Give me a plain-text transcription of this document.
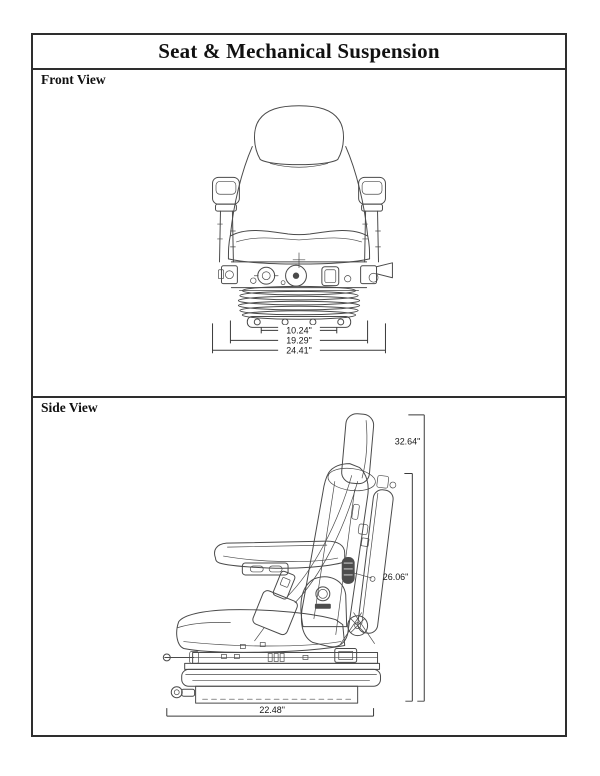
Seat & Mechanical Suspension
Front View
10.24"
19.29"
24.41"
Side View
32.64"
26.06"
22.48"
